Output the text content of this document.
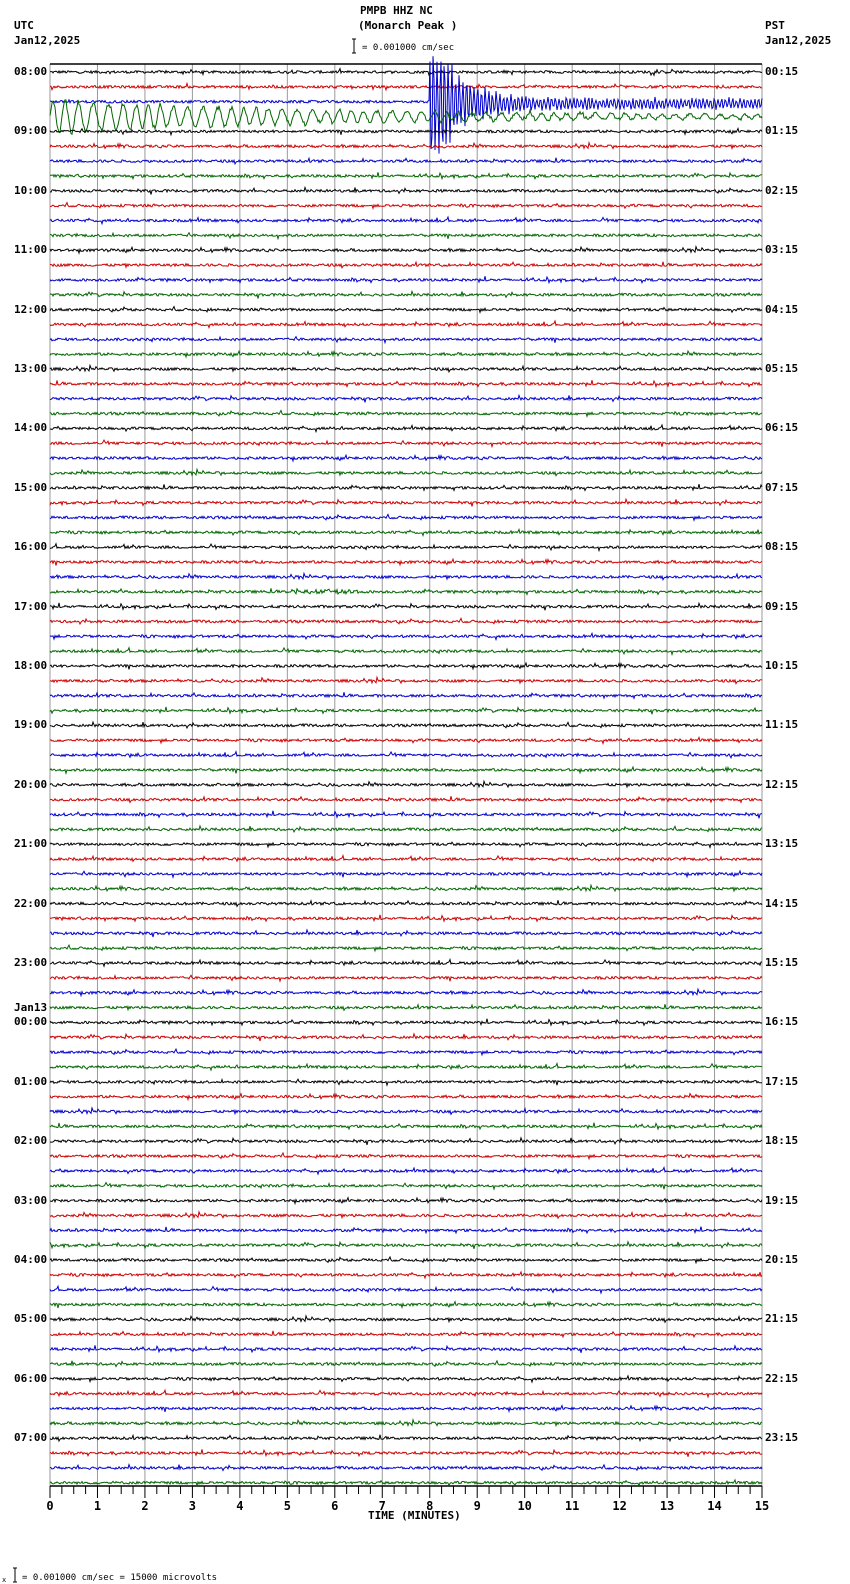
PMPB HHZ NC
(Monarch Peak )
UTC
Jan12,2025
PST
Jan12,2025
= 0.001000 cm/sec
TIME (MINUTES)
x = 0.001000 cm/sec = 15000 microvolts
0	1	2	3	4	5	6	7	8	9	10	11	12	13	14	15
08:00
09:00
10:00
11:00
12:00
13:00
14:00
15:00
16:00
17:00
18:00
19:00
20:00
21:00
22:00
23:00
00:00
01:00
02:00
03:00
04:00
05:00
06:00
07:00
00:15
01:15
02:15
03:15
04:15
05:15
06:15
07:15
08:15
09:15
10:15
11:15
12:15
13:15
14:15
15:15
16:15
17:15
18:15
19:15
20:15
21:15
22:15
23:15
Jan13
